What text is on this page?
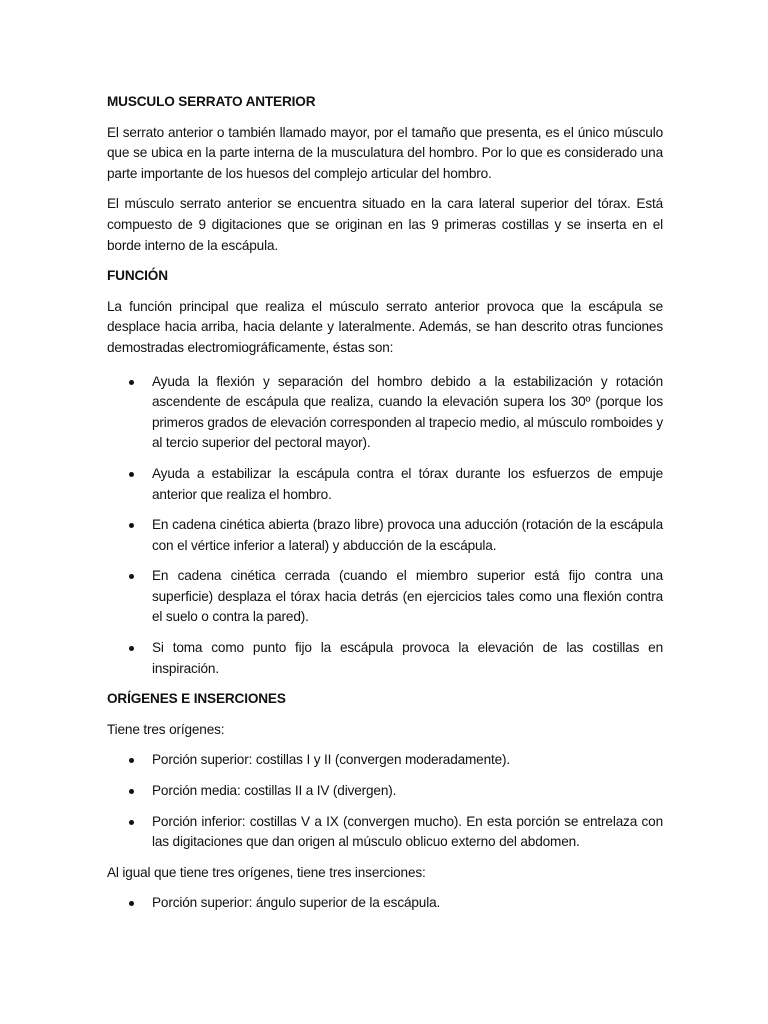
MUSCULO SERRATO ANTERIOR

El serrato anterior o también llamado mayor, por el tamaño que presenta, es el único músculo que se ubica en la parte interna de la musculatura del hombro. Por lo que es considerado una parte importante de los huesos del complejo articular del hombro.

El músculo serrato anterior se encuentra situado en la cara lateral superior del tórax. Está compuesto de 9 digitaciones que se originan en las 9 primeras costillas y se inserta en el borde interno de la escápula.

FUNCIÓN

La función principal que realiza el músculo serrato anterior provoca que la escápula se desplace hacia arriba, hacia delante y lateralmente. Además, se han descrito otras funciones demostradas electromiográficamente, éstas son:

Ayuda la flexión y separación del hombro debido a la estabilización y rotación ascendente de escápula que realiza, cuando la elevación supera los 30º (porque los primeros grados de elevación corresponden al trapecio medio, al músculo romboides y al tercio superior del pectoral mayor).
Ayuda a estabilizar la escápula contra el tórax durante los esfuerzos de empuje anterior que realiza el hombro.
En cadena cinética abierta (brazo libre) provoca una aducción (rotación de la escápula con el vértice inferior a lateral) y abducción de la escápula.
En cadena cinética cerrada (cuando el miembro superior está fijo contra una superficie) desplaza el tórax hacia detrás (en ejercicios tales como una flexión contra el suelo o contra la pared).
Si toma como punto fijo la escápula provoca la elevación de las costillas en inspiración.

ORÍGENES E INSERCIONES

Tiene tres orígenes:

Porción superior: costillas I y II (convergen moderadamente).
Porción media: costillas II a IV (divergen).
Porción inferior: costillas V a IX (convergen mucho). En esta porción se entrelaza con las digitaciones que dan origen al músculo oblicuo externo del abdomen.

Al igual que tiene tres orígenes, tiene tres inserciones:

Porción superior: ángulo superior de la escápula.
